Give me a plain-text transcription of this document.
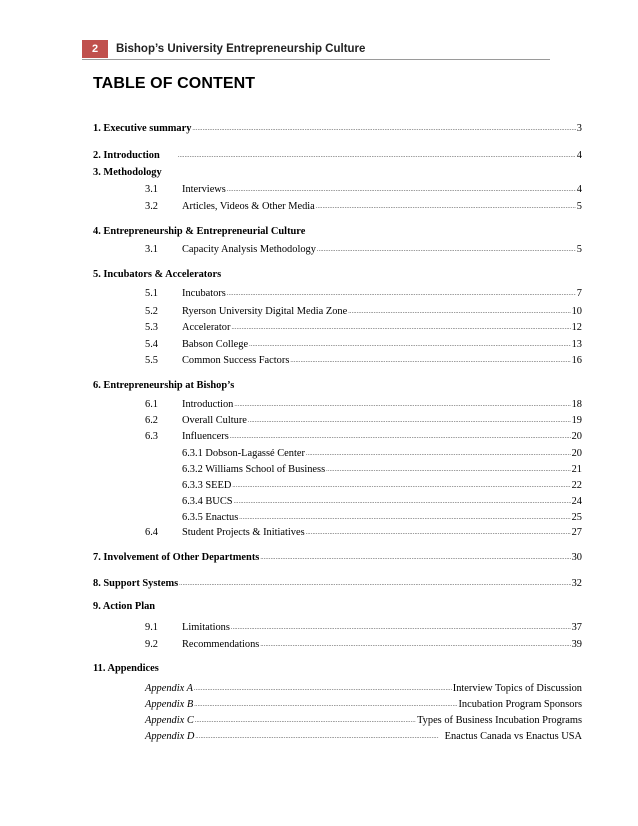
2	Bishop’s University Entrepreneurship Culture
TABLE OF CONTENT
1. Executive summary .....	3
2. Introduction .....	4
3. Methodology
3.1 Interviews .....	4
3.2 Articles, Videos & Other Media .....	5
4. Entrepreneurship & Entrepreneurial Culture
3.1 Capacity Analysis Methodology .....	5
5. Incubators & Accelerators
5.1 Incubators .....	7
5.2 Ryerson University Digital Media Zone .....	10
5.3 Accelerator .....	12
5.4 Babson College .....	13
5.5 Common Success Factors .....	16
6. Entrepreneurship at Bishop’s
6.1 Introduction .....	18
6.2 Overall Culture .....	19
6.3 Influencers .....	20
6.3.1 Dobson-Lagassé Center .....	20
6.3.2 Williams School of Business .....	21
6.3.3 SEED .....	22
6.3.4 BUCS .....	24
6.3.5 Enactus .....	25
6.4 Student Projects & Initiatives .....	27
7. Involvement of Other Departments .....	30
8. Support Systems .....	32
9. Action Plan
9.1 Limitations .....	37
9.2 Recommendations .....	39
11. Appendices
Appendix A .....	Interview Topics of Discussion
Appendix B .....	Incubation Program Sponsors
Appendix C .....	Types of Business Incubation Programs
Appendix D .....	Enactus Canada vs Enactus USA
